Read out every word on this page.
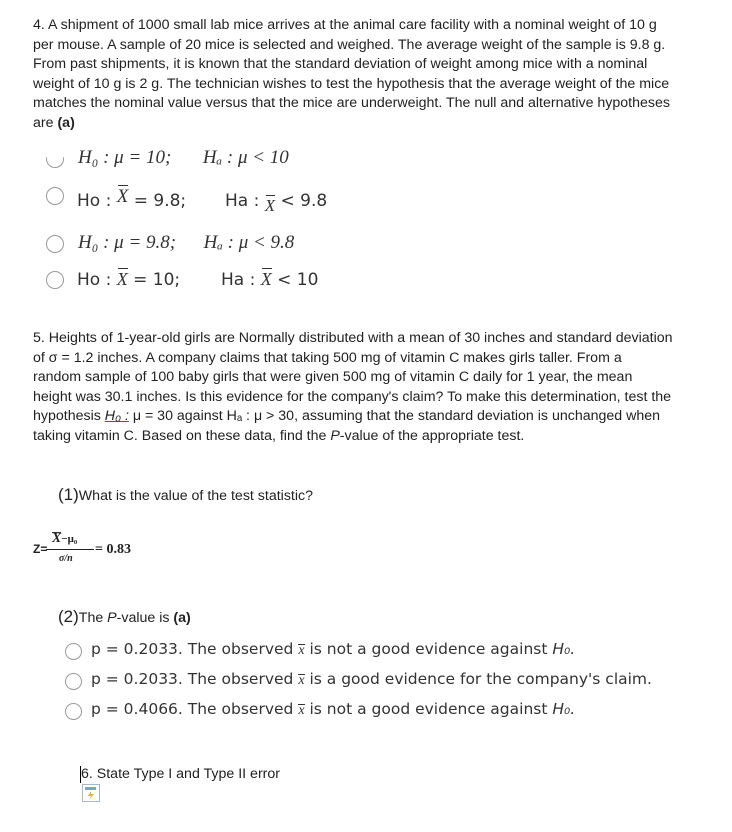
4. A shipment of 1000 small lab mice arrives at the animal care facility with a nominal weight of 10 g per mouse. A sample of 20 mice is selected and weighed. The average weight of the sample is 9.8 g. From past shipments, it is known that the standard deviation of weight among mice with a nominal weight of 10 g is 2 g. The technician wishes to test the hypothesis that the average weight of the mice matches the nominal value versus that the mice are underweight. The null and alternative hypotheses are (a)
H₀ : μ = 10; Hₐ : μ < 10
Ho : X = 9.8; Ha : X < 9.8
H₀ : μ = 9.8; Hₐ : μ < 9.8
Ho : X = 10; Ha : X < 10
5. Heights of 1-year-old girls are Normally distributed with a mean of 30 inches and standard deviation of σ = 1.2 inches. A company claims that taking 500 mg of vitamin C makes girls taller. From a random sample of 100 baby girls that were given 500 mg of vitamin C daily for 1 year, the mean height was 30.1 inches. Is this evidence for the company's claim? To make this determination, test the hypothesis H₀ : μ = 30 against Hₐ : μ > 30, assuming that the standard deviation is unchanged when taking vitamin C. Based on these data, find the P-value of the appropriate test.
(1)What is the value of the test statistic?
Z=
X−μ₀
σ/n
= 0.83
(2)The P-value is (a)
p = 0.2033. The observed x is not a good evidence against H₀.
p = 0.2033. The observed x is a good evidence for the company's claim.
p = 0.4066. The observed x is not a good evidence against H₀.
6. State Type I and Type II error
